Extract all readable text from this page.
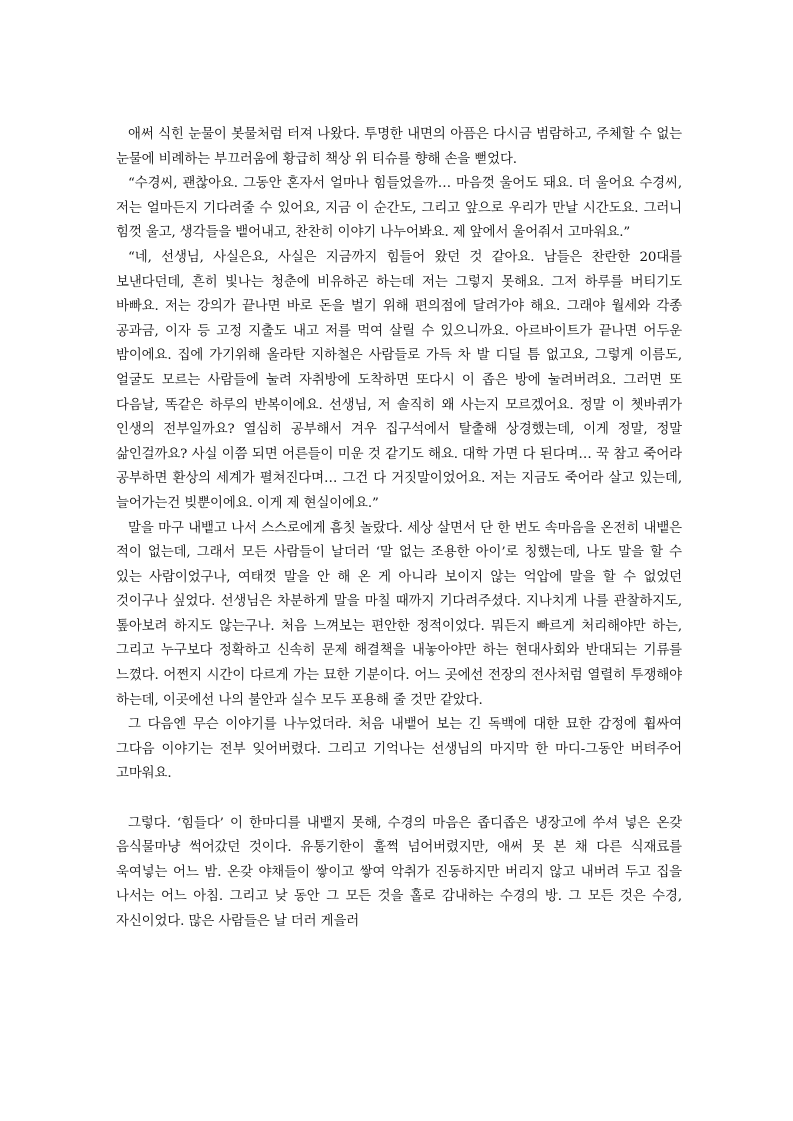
애써 식힌 눈물이 봇물처럼 터져 나왔다. 투명한 내면의 아픔은 다시금 범람하고, 주체할 수 없는 눈물에 비례하는 부끄러움에 황급히 책상 위 티슈를 향해 손을 뻗었다.

“수경씨, 괜찮아요. 그동안 혼자서 얼마나 힘들었을까… 마음껏 울어도 돼요. 더 울어요 수경씨, 저는 얼마든지 기다려줄 수 있어요, 지금 이 순간도, 그리고 앞으로 우리가 만날 시간도요. 그러니 힘껏 울고, 생각들을 뱉어내고, 찬찬히 이야기 나누어봐요. 제 앞에서 울어줘서 고마워요.”

“네, 선생님, 사실은요, 사실은 지금까지 힘들어 왔던 것 같아요. 남들은 찬란한 20대를 보낸다던데, 흔히 빛나는 청춘에 비유하곤 하는데 저는 그렇지 못해요. 그저 하루를 버티기도 바빠요. 저는 강의가 끝나면 바로 돈을 벌기 위해 편의점에 달려가야 해요. 그래야 월세와 각종 공과금, 이자 등 고정 지출도 내고 저를 먹여 살릴 수 있으니까요. 아르바이트가 끝나면 어두운 밤이에요. 집에 가기위해 올라탄 지하철은 사람들로 가득 차 발 디딜 틈 없고요, 그렇게 이름도, 얼굴도 모르는 사람들에 눌려 자취방에 도착하면 또다시 이 좁은 방에 눌려버려요. 그러면 또 다음날, 똑같은 하루의 반복이에요. 선생님, 저 솔직히 왜 사는지 모르겠어요. 정말 이 쳇바퀴가 인생의 전부일까요? 열심히 공부해서 겨우 집구석에서 탈출해 상경했는데, 이게 정말, 정말 삶인걸까요? 사실 이쯤 되면 어른들이 미운 것 같기도 해요. 대학 가면 다 된다며… 꾹 참고 죽어라 공부하면 환상의 세계가 펼쳐진다며… 그건 다 거짓말이었어요. 저는 지금도 죽어라 살고 있는데, 늘어가는건 빚뿐이에요. 이게 제 현실이에요.”

말을 마구 내뱉고 나서 스스로에게 흠칫 놀랐다. 세상 살면서 단 한 번도 속마음을 온전히 내뱉은 적이 없는데, 그래서 모든 사람들이 날더러 ‘말 없는 조용한 아이’로 칭했는데, 나도 말을 할 수 있는 사람이었구나, 여태껏 말을 안 해 온 게 아니라 보이지 않는 억압에 말을 할 수 없었던 것이구나 싶었다. 선생님은 차분하게 말을 마칠 때까지 기다려주셨다. 지나치게 나를 관찰하지도, 톺아보려 하지도 않는구나. 처음 느껴보는 편안한 정적이었다. 뭐든지 빠르게 처리해야만 하는, 그리고 누구보다 정확하고 신속히 문제 해결책을 내놓아야만 하는 현대사회와 반대되는 기류를 느꼈다. 어쩐지 시간이 다르게 가는 묘한 기분이다. 어느 곳에선 전장의 전사처럼 열렬히 투쟁해야 하는데, 이곳에선 나의 불안과 실수 모두 포용해 줄 것만 같았다.

그 다음엔 무슨 이야기를 나누었더라. 처음 내뱉어 보는 긴 독백에 대한 묘한 감정에 휩싸여 그다음 이야기는 전부 잊어버렸다. 그리고 기억나는 선생님의 마지막 한 마디-그동안 버텨주어 고마워요.

그렇다. ‘힘들다’ 이 한마디를 내뱉지 못해, 수경의 마음은 좁디좁은 냉장고에 쑤셔 넣은 온갖 음식물마냥 썩어갔던 것이다. 유통기한이 훌쩍 넘어버렸지만, 애써 못 본 채 다른 식재료를 욱여넣는 어느 밤. 온갖 야채들이 쌓이고 쌓여 악취가 진동하지만 버리지 않고 내버려 두고 집을 나서는 어느 아침. 그리고 낮 동안 그 모든 것을 홀로 감내하는 수경의 방. 그 모든 것은 수경, 자신이었다. 많은 사람들은 날 더러 게을러
